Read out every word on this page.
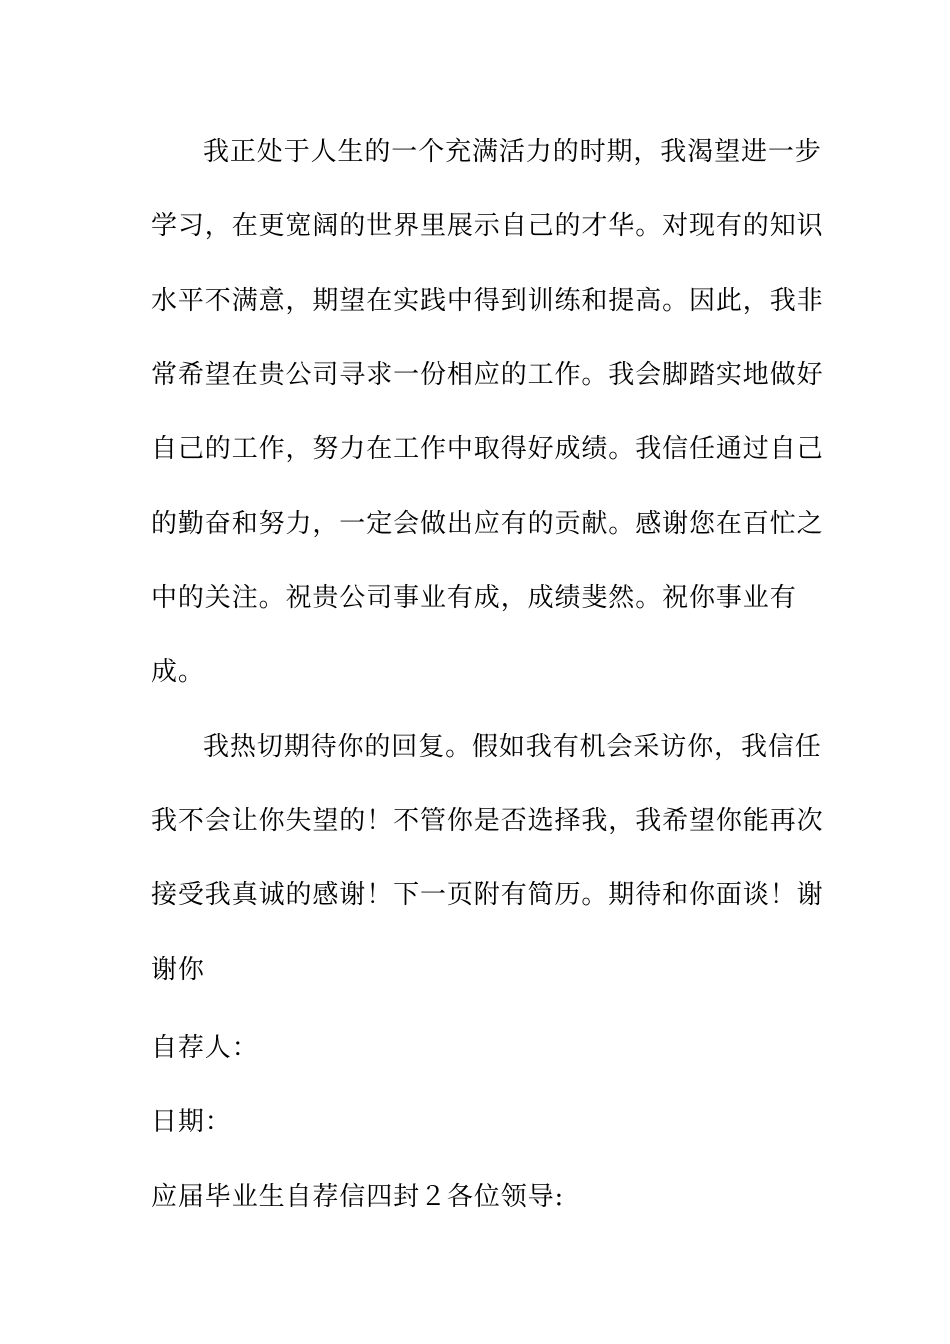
我正处于人生的一个充满活力的时期，我渴望进一步
学习，在更宽阔的世界里展示自己的才华。对现有的知识
水平不满意，期望在实践中得到训练和提高。因此，我非
常希望在贵公司寻求一份相应的工作。我会脚踏实地做好
自己的工作，努力在工作中取得好成绩。我信任通过自己
的勤奋和努力，一定会做出应有的贡献。感谢您在百忙之
中的关注。祝贵公司事业有成，成绩斐然。祝你事业有
成。
我热切期待你的回复。假如我有机会采访你，我信任
我不会让你失望的！不管你是否选择我，我希望你能再次
接受我真诚的感谢！下一页附有简历。期待和你面谈！谢
谢你
自荐人：
日期：
应届毕业生自荐信四封２各位领导:
